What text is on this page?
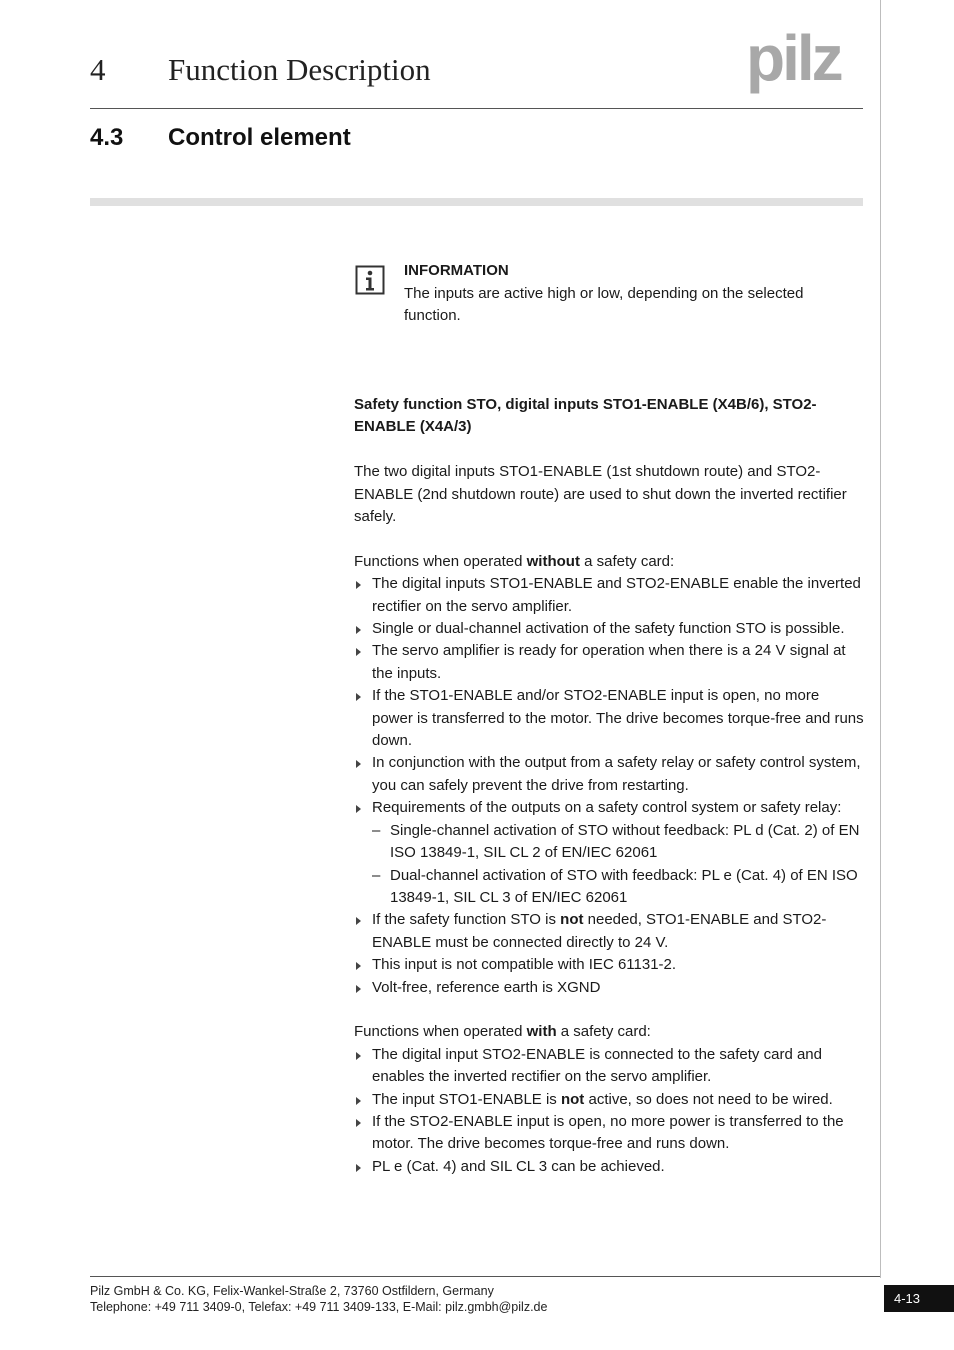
4 Function Description	pilz
4.3 Control element
INFORMATION
The inputs are active high or low, depending on the selected function.

Safety function STO, digital inputs STO1-ENABLE (X4B/6), STO2-ENABLE (X4A/3)

The two digital inputs STO1-ENABLE (1st shutdown route) and STO2-ENABLE (2nd shutdown route) are used to shut down the inverted rectifier safely.

Functions when operated without a safety card:

The digital inputs STO1-ENABLE and STO2-ENABLE enable the inverted rectifier on the servo amplifier.
Single or dual-channel activation of the safety function STO is possible.
The servo amplifier is ready for operation when there is a 24 V signal at the inputs.
If the STO1-ENABLE and/or STO2-ENABLE input is open, no more power is transferred to the motor. The drive becomes torque-free and runs down.
In conjunction with the output from a safety relay or safety control system, you can safely prevent the drive from restarting.
Requirements of the outputs on a safety control system or safety relay:
– Single-channel activation of STO without feedback: PL d (Cat. 2) of EN ISO 13849-1, SIL CL 2 of EN/IEC 62061
– Dual-channel activation of STO with feedback: PL e (Cat. 4) of EN ISO 13849-1, SIL CL 3 of EN/IEC 62061
If the safety function STO is not needed, STO1-ENABLE and STO2-ENABLE must be connected directly to 24 V.
This input is not compatible with IEC 61131-2.
Volt-free, reference earth is XGND

Functions when operated with a safety card:

The digital input STO2-ENABLE is connected to the safety card and enables the inverted rectifier on the servo amplifier.
The input STO1-ENABLE is not active, so does not need to be wired.
If the STO2-ENABLE input is open, no more power is transferred to the motor. The drive becomes torque-free and runs down.
PL e (Cat. 4) and SIL CL 3 can be achieved.
Pilz GmbH & Co. KG, Felix-Wankel-Straße 2, 73760 Ostfildern, Germany
Telephone: +49 711 3409-0, Telefax: +49 711 3409-133, E-Mail: pilz.gmbh@pilz.de
4-13
